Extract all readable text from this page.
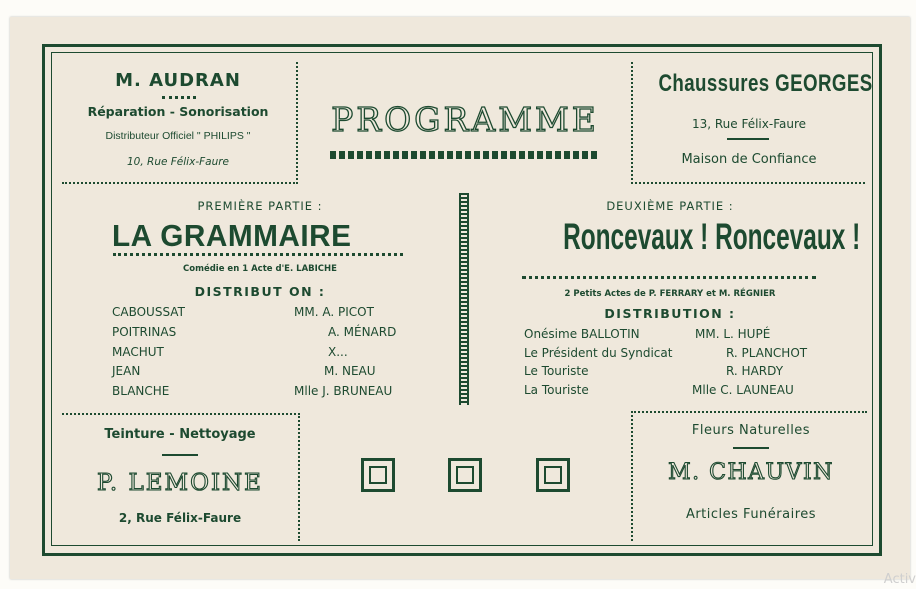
M. AUDRAN
Réparation - Sonorisation
Distributeur Officiel " PHILIPS "
10, Rue Félix-Faure
PROGRAMME
Chaussures GEORGES
13, Rue Félix-Faure
Maison de Confiance
PREMIÈRE PARTIE :
LA GRAMMAIRE
Comédie en 1 Acte d'E. LABICHE
DISTRIBUT ON :
CABOUSSAT	MM. A. PICOT
POITRINAS	A. MÉNARD
MACHUT	X...
JEAN	M. NEAU
BLANCHE	Mlle J. BRUNEAU
DEUXIÈME PARTIE :
Roncevaux ! Roncevaux !
2 Petits Actes de P. FERRARY et M. RÉGNIER
DISTRIBUTION :
Onésime BALLOTIN	MM. L. HUPÉ
Le Président du Syndicat	R. PLANCHOT
Le Touriste	R. HARDY
La Touriste	Mlle C. LAUNEAU
Teinture - Nettoyage
P. LEMOINE
2, Rue Félix-Faure
Fleurs Naturelles
M. CHAUVIN
Articles Funéraires
Activ
